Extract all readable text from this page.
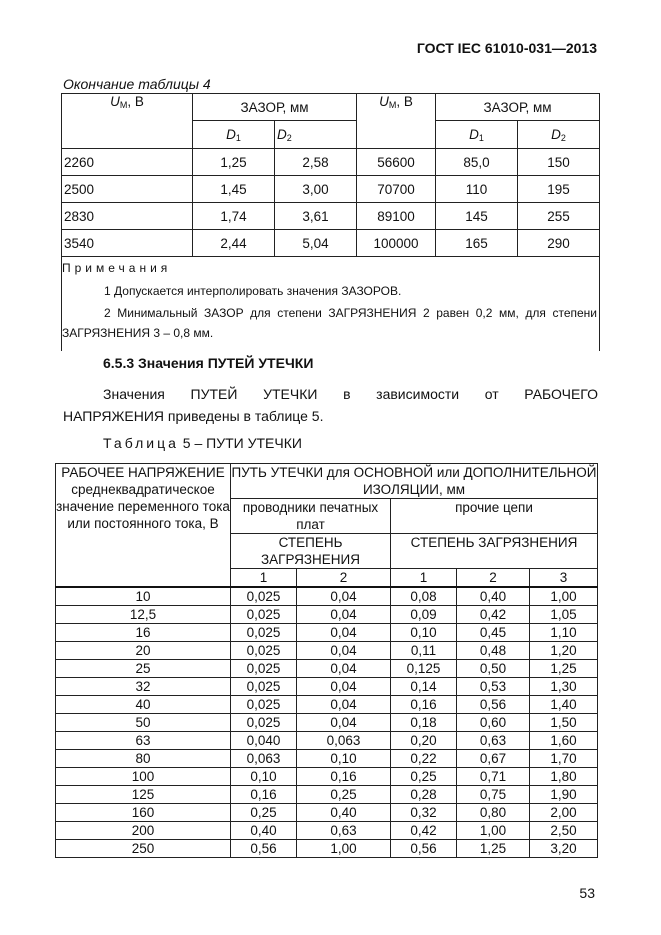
ГОСТ IEC 61010-031—2013
Окончание таблицы 4
$U_M$, В	ЗАЗОР, мм		$U_M$, В	ЗАЗОР, мм	
	$D_1$	$D_2$		$D_1$	$D_2$
2260	1,25	2,58	56600	85,0	150
2500	1,45	3,00	70700	110	195
2830	1,74	3,61	89100	145	255
3540	2,44	5,04	100000	165	290

Примечания
1 Допускается интерполировать значения ЗАЗОРОВ.
2 Минимальный ЗАЗОР для степени ЗАГРЯЗНЕНИЯ 2 равен 0,2 мм, для степени ЗАГРЯЗНЕНИЯ 3 – 0,8 мм.					
6.5.3 Значения ПУТЕЙ УТЕЧКИ
Значения ПУТЕЙ УТЕЧКИ в зависимости от РАБОЧЕГО
НАПРЯЖЕНИЯ приведены в таблице 5.
Таблица 5 – ПУТИ УТЕЧКИ
РАБОЧЕЕ НАПРЯЖЕНИЕ среднеквадратическое значение переменного тока или постоянного тока, В	ПУТЬ УТЕЧКИ для ОСНОВНОЙ или ДОПОЛНИТЕЛЬНОЙ ИЗОЛЯЦИИ, мм				
	проводники печатных плат		прочие цепи		
	СТЕПЕНЬ ЗАГРЯЗНЕНИЯ		СТЕПЕНЬ ЗАГРЯЗНЕНИЯ		
	1	2	1	2	3
10	0,025	0,04	0,08	0,40	1,00
12,5	0,025	0,04	0,09	0,42	1,05
16	0,025	0,04	0,10	0,45	1,10
20	0,025	0,04	0,11	0,48	1,20
25	0,025	0,04	0,125	0,50	1,25
32	0,025	0,04	0,14	0,53	1,30
40	0,025	0,04	0,16	0,56	1,40
50	0,025	0,04	0,18	0,60	1,50
63	0,040	0,063	0,20	0,63	1,60
80	0,063	0,10	0,22	0,67	1,70
100	0,10	0,16	0,25	0,71	1,80
125	0,16	0,25	0,28	0,75	1,90
160	0,25	0,40	0,32	0,80	2,00
200	0,40	0,63	0,42	1,00	2,50
250	0,56	1,00	0,56	1,25	3,20
53
